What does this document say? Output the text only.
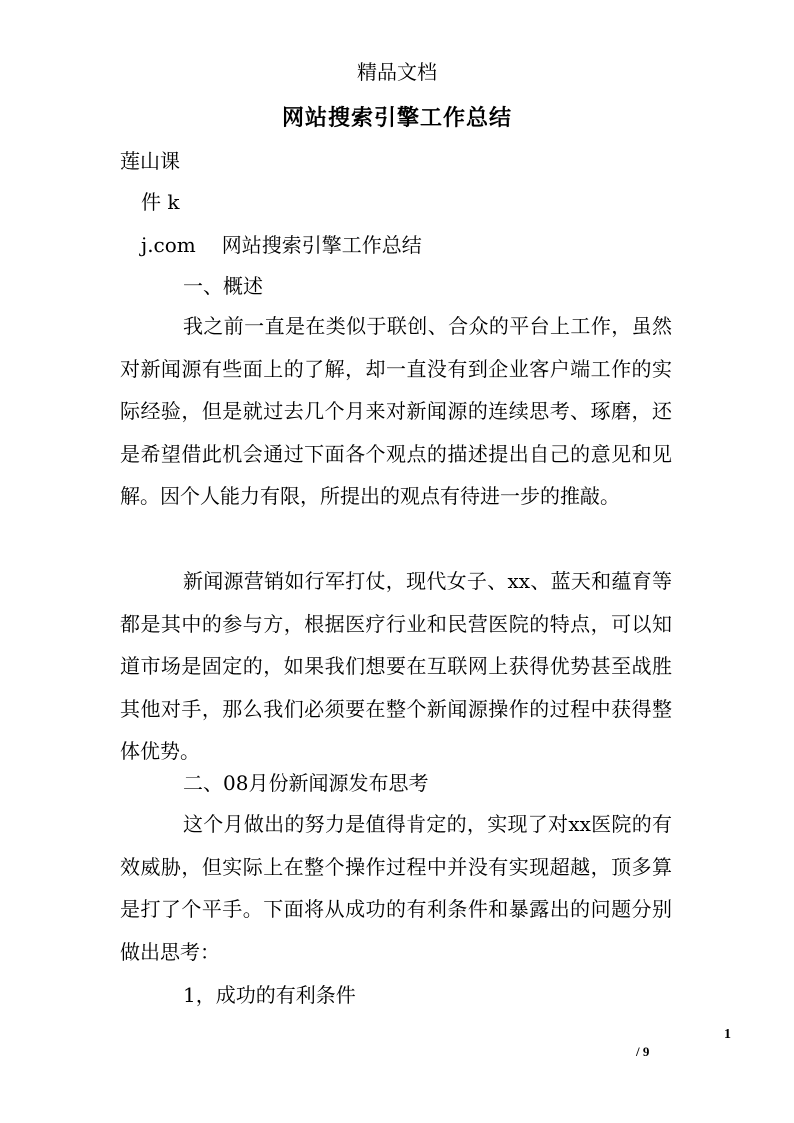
精品文档
网站搜索引擎工作总结
莲山课
件 k
j.com 网站搜索引擎工作总结
一、概述
我之前一直是在类似于联创、合众的平台上工作，虽然对新闻源有些面上的了解，却一直没有到企业客户端工作的实际经验，但是就过去几个月来对新闻源的连续思考、琢磨，还是希望借此机会通过下面各个观点的描述提出自己的意见和见解。因个人能力有限，所提出的观点有待进一步的推敲。
新闻源营销如行军打仗，现代女子、xx、蓝天和蕴育等都是其中的参与方，根据医疗行业和民营医院的特点，可以知道市场是固定的，如果我们想要在互联网上获得优势甚至战胜其他对手，那么我们必须要在整个新闻源操作的过程中获得整体优势。
二、08月份新闻源发布思考
这个月做出的努力是值得肯定的，实现了对xx医院的有效威胁，但实际上在整个操作过程中并没有实现超越，顶多算是打了个平手。下面将从成功的有利条件和暴露出的问题分别做出思考：
1，成功的有利条件
1
/ 9
